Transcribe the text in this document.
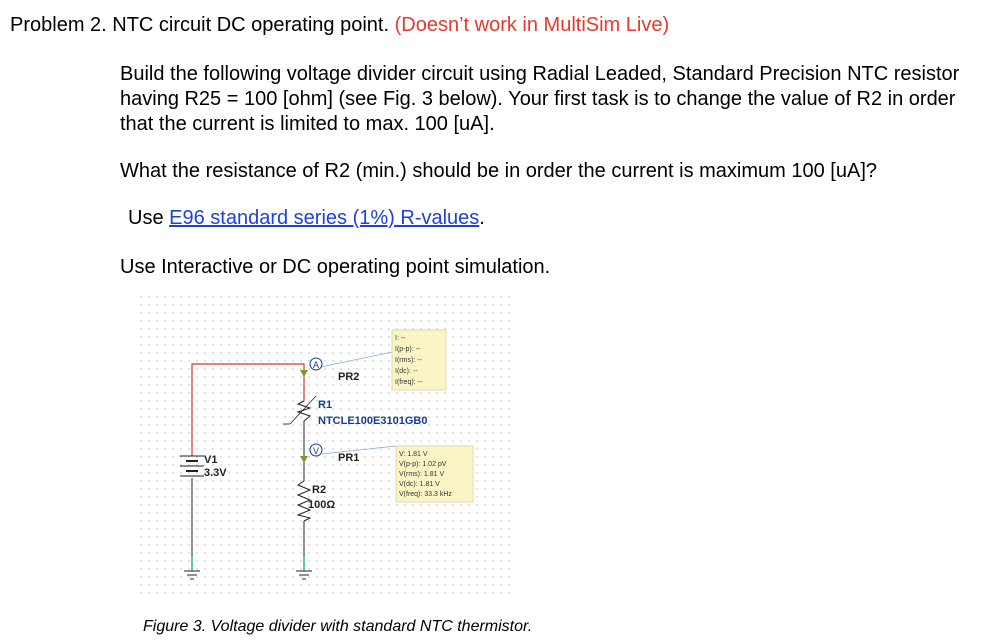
Problem 2. NTC circuit DC operating point. (Doesn’t work in MultiSim Live)
Build the following voltage divider circuit using Radial Leaded, Standard Precision NTC resistor having R25 = 100 [ohm] (see Fig. 3 below). Your first task is to change the value of R2 in order that the current is limited to max. 100 [uA].
What the resistance of R2 (min.) should be in order the current is maximum 100 [uA]?
Use E96 standard series (1%) R-values.
Use Interactive or DC operating point simulation.
A
PR2
I: --
I(p-p): --
I(rms): --
I(dc): --
I(freq): --
R1
NTCLE100E3101GB0
V
PR1	V: 1.81 V
V(p-p): 1.02 pV
V(rms): 1.81 V
V(dc): 1.81 V
V(freq): 33.3 kHz
R2
100Ω
V1
3.3V
Figure 3. Voltage divider with standard NTC thermistor.
